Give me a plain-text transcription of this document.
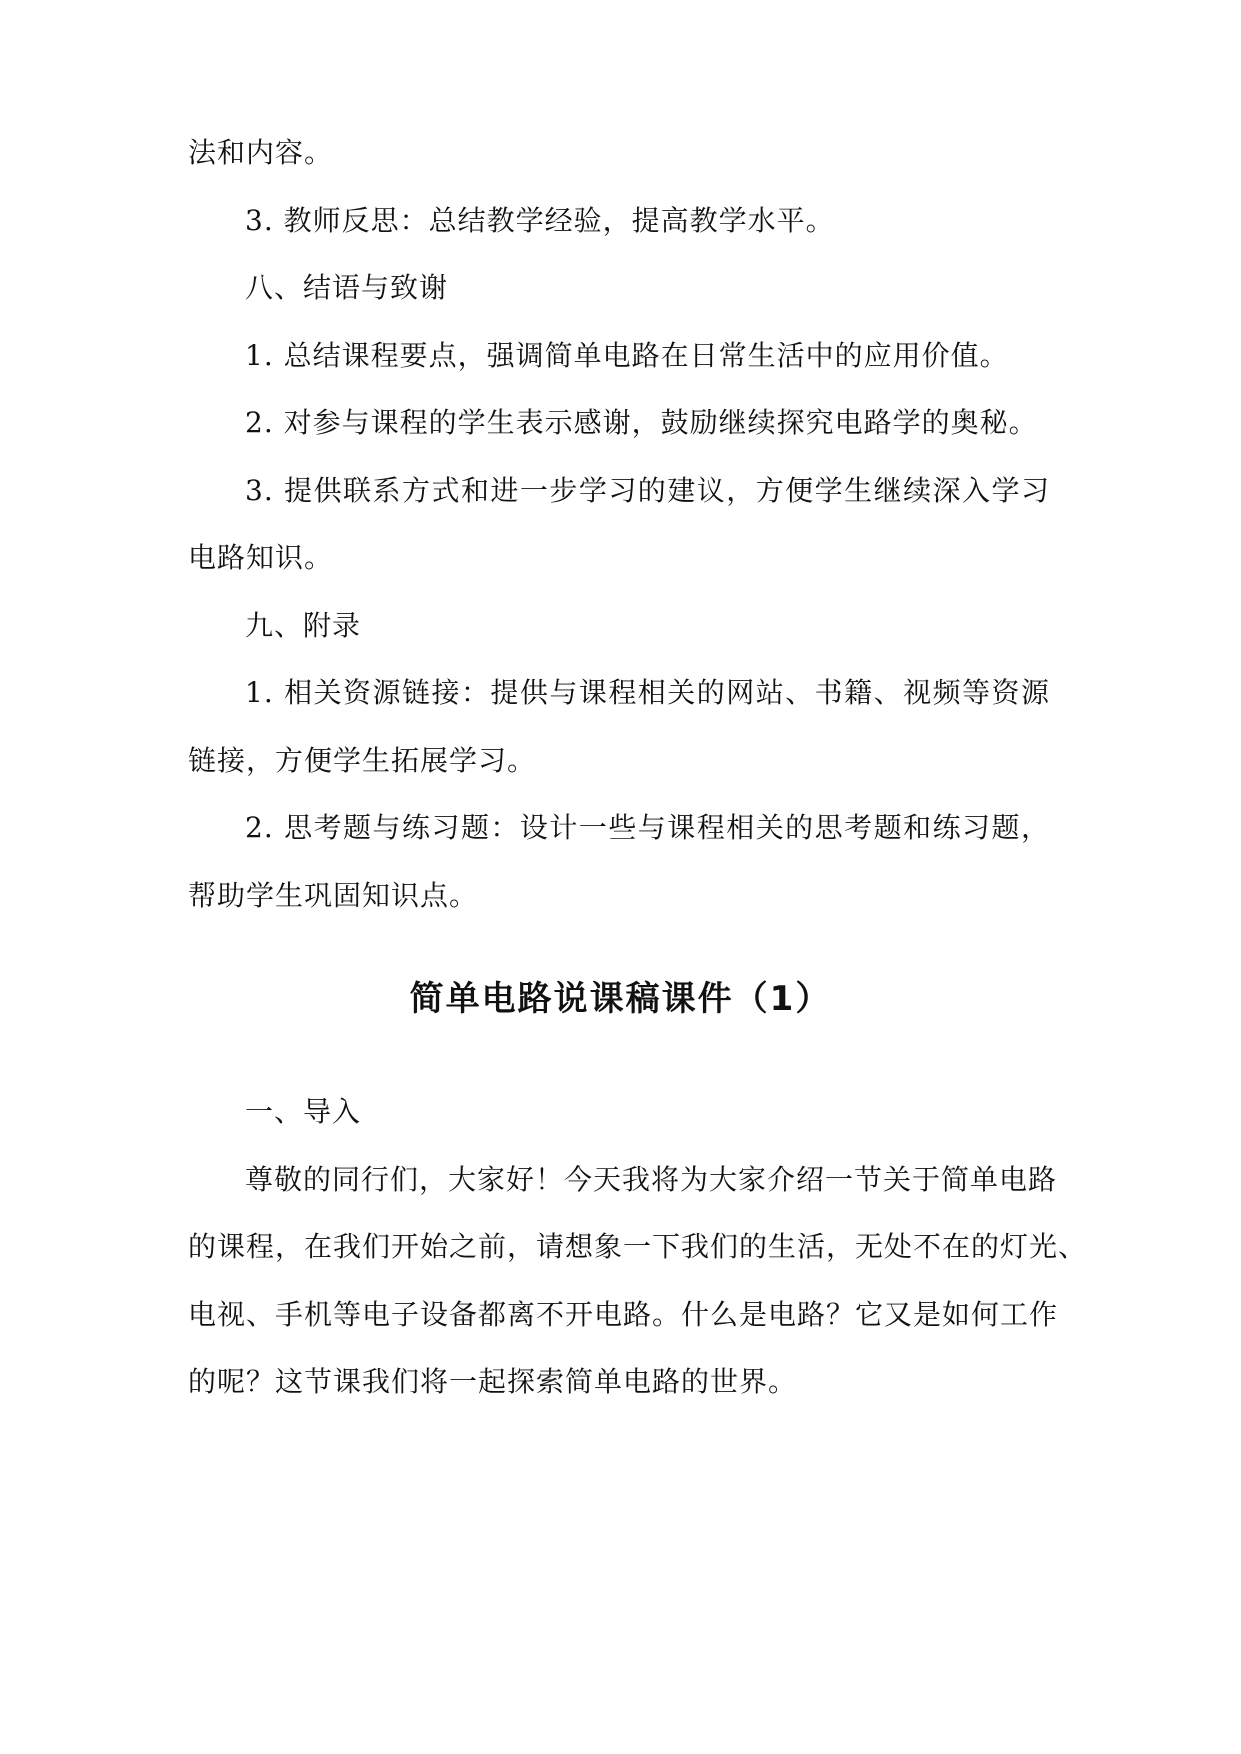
法和内容。
3. 教师反思：总结教学经验，提高教学水平。
八、结语与致谢
1. 总结课程要点，强调简单电路在日常生活中的应用价值。
2. 对参与课程的学生表示感谢，鼓励继续探究电路学的奥秘。
3. 提供联系方式和进一步学习的建议，方便学生继续深入学习
电路知识。
九、附录
1. 相关资源链接：提供与课程相关的网站、书籍、视频等资源
链接，方便学生拓展学习。
2. 思考题与练习题：设计一些与课程相关的思考题和练习题，
帮助学生巩固知识点。
简单电路说课稿课件（1）
一、导入
尊敬的同行们，大家好！今天我将为大家介绍一节关于简单电路
的课程，在我们开始之前，请想象一下我们的生活，无处不在的灯光、
电视、手机等电子设备都离不开电路。什么是电路？它又是如何工作
的呢？这节课我们将一起探索简单电路的世界。
